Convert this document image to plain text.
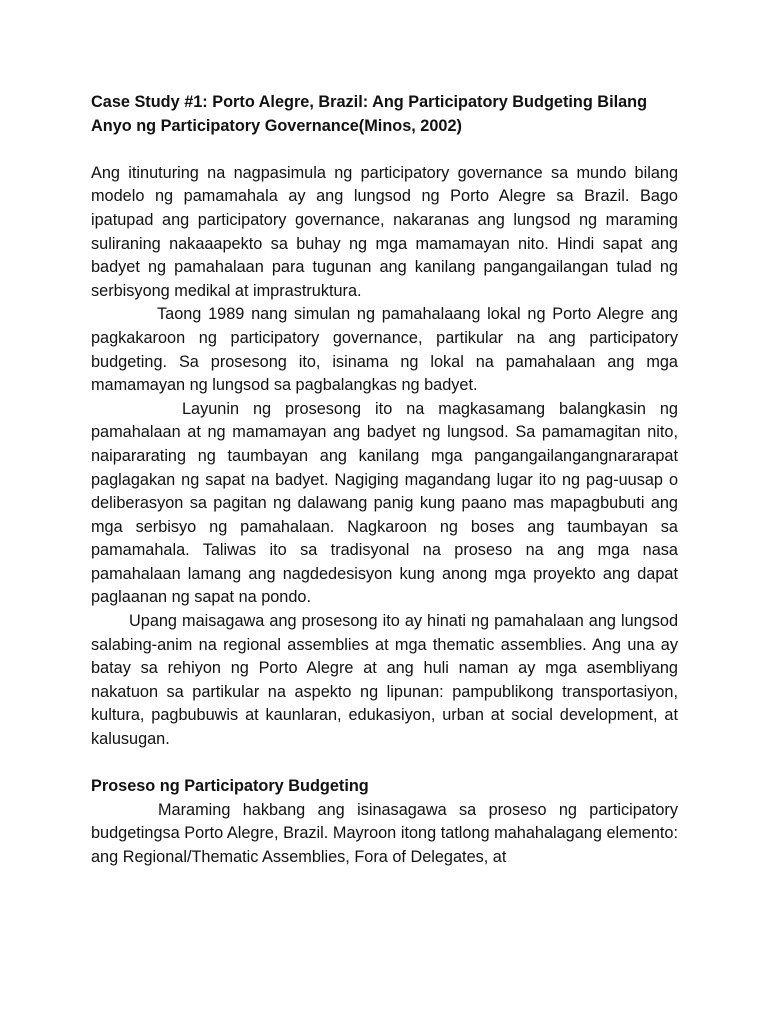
Case Study #1: Porto Alegre, Brazil: Ang Participatory Budgeting Bilang Anyo ng Participatory Governance(Minos, 2002)

Ang itinuturing na nagpasimula ng participatory governance sa mundo bilang modelo ng pamamahala ay ang lungsod ng Porto Alegre sa Brazil. Bago ipatupad ang participatory governance, nakaranas ang lungsod ng maraming suliraning nakaaapekto sa buhay ng mga mamamayan nito. Hindi sapat ang badyet ng pamahalaan para tugunan ang kanilang pangangailangan tulad ng serbisyong medikal at imprastruktura.

Taong 1989 nang simulan ng pamahalaang lokal ng Porto Alegre ang pagkakaroon ng participatory governance, partikular na ang participatory budgeting. Sa prosesong ito, isinama ng lokal na pamahalaan ang mga mamamayan ng lungsod sa pagbalangkas ng badyet.

Layunin ng prosesong ito na magkasamang balangkasin ng pamahalaan at ng mamamayan ang badyet ng lungsod. Sa pamamagitan nito, naipararating ng taumbayan ang kanilang mga pangangailangangnararapat paglagakan ng sapat na badyet. Nagiging magandang lugar ito ng pag-uusap o deliberasyon sa pagitan ng dalawang panig kung paano mas mapagbubuti ang mga serbisyo ng pamahalaan. Nagkaroon ng boses ang taumbayan sa pamamahala. Taliwas ito sa tradisyonal na proseso na ang mga nasa pamahalaan lamang ang nagdedesisyon kung anong mga proyekto ang dapat paglaanan ng sapat na pondo.

Upang maisagawa ang prosesong ito ay hinati ng pamahalaan ang lungsod salabing-anim na regional assemblies at mga thematic assemblies. Ang una ay batay sa rehiyon ng Porto Alegre at ang huli naman ay mga asembliyang nakatuon sa partikular na aspekto ng lipunan: pampublikong transportasiyon, kultura, pagbubuwis at kaunlaran, edukasiyon, urban at social development, at kalusugan.

Proseso ng Participatory Budgeting

Maraming hakbang ang isinasagawa sa proseso ng participatory budgetingsa Porto Alegre, Brazil. Mayroon itong tatlong mahahalagang elemento: ang Regional/Thematic Assemblies, Fora of Delegates, at
